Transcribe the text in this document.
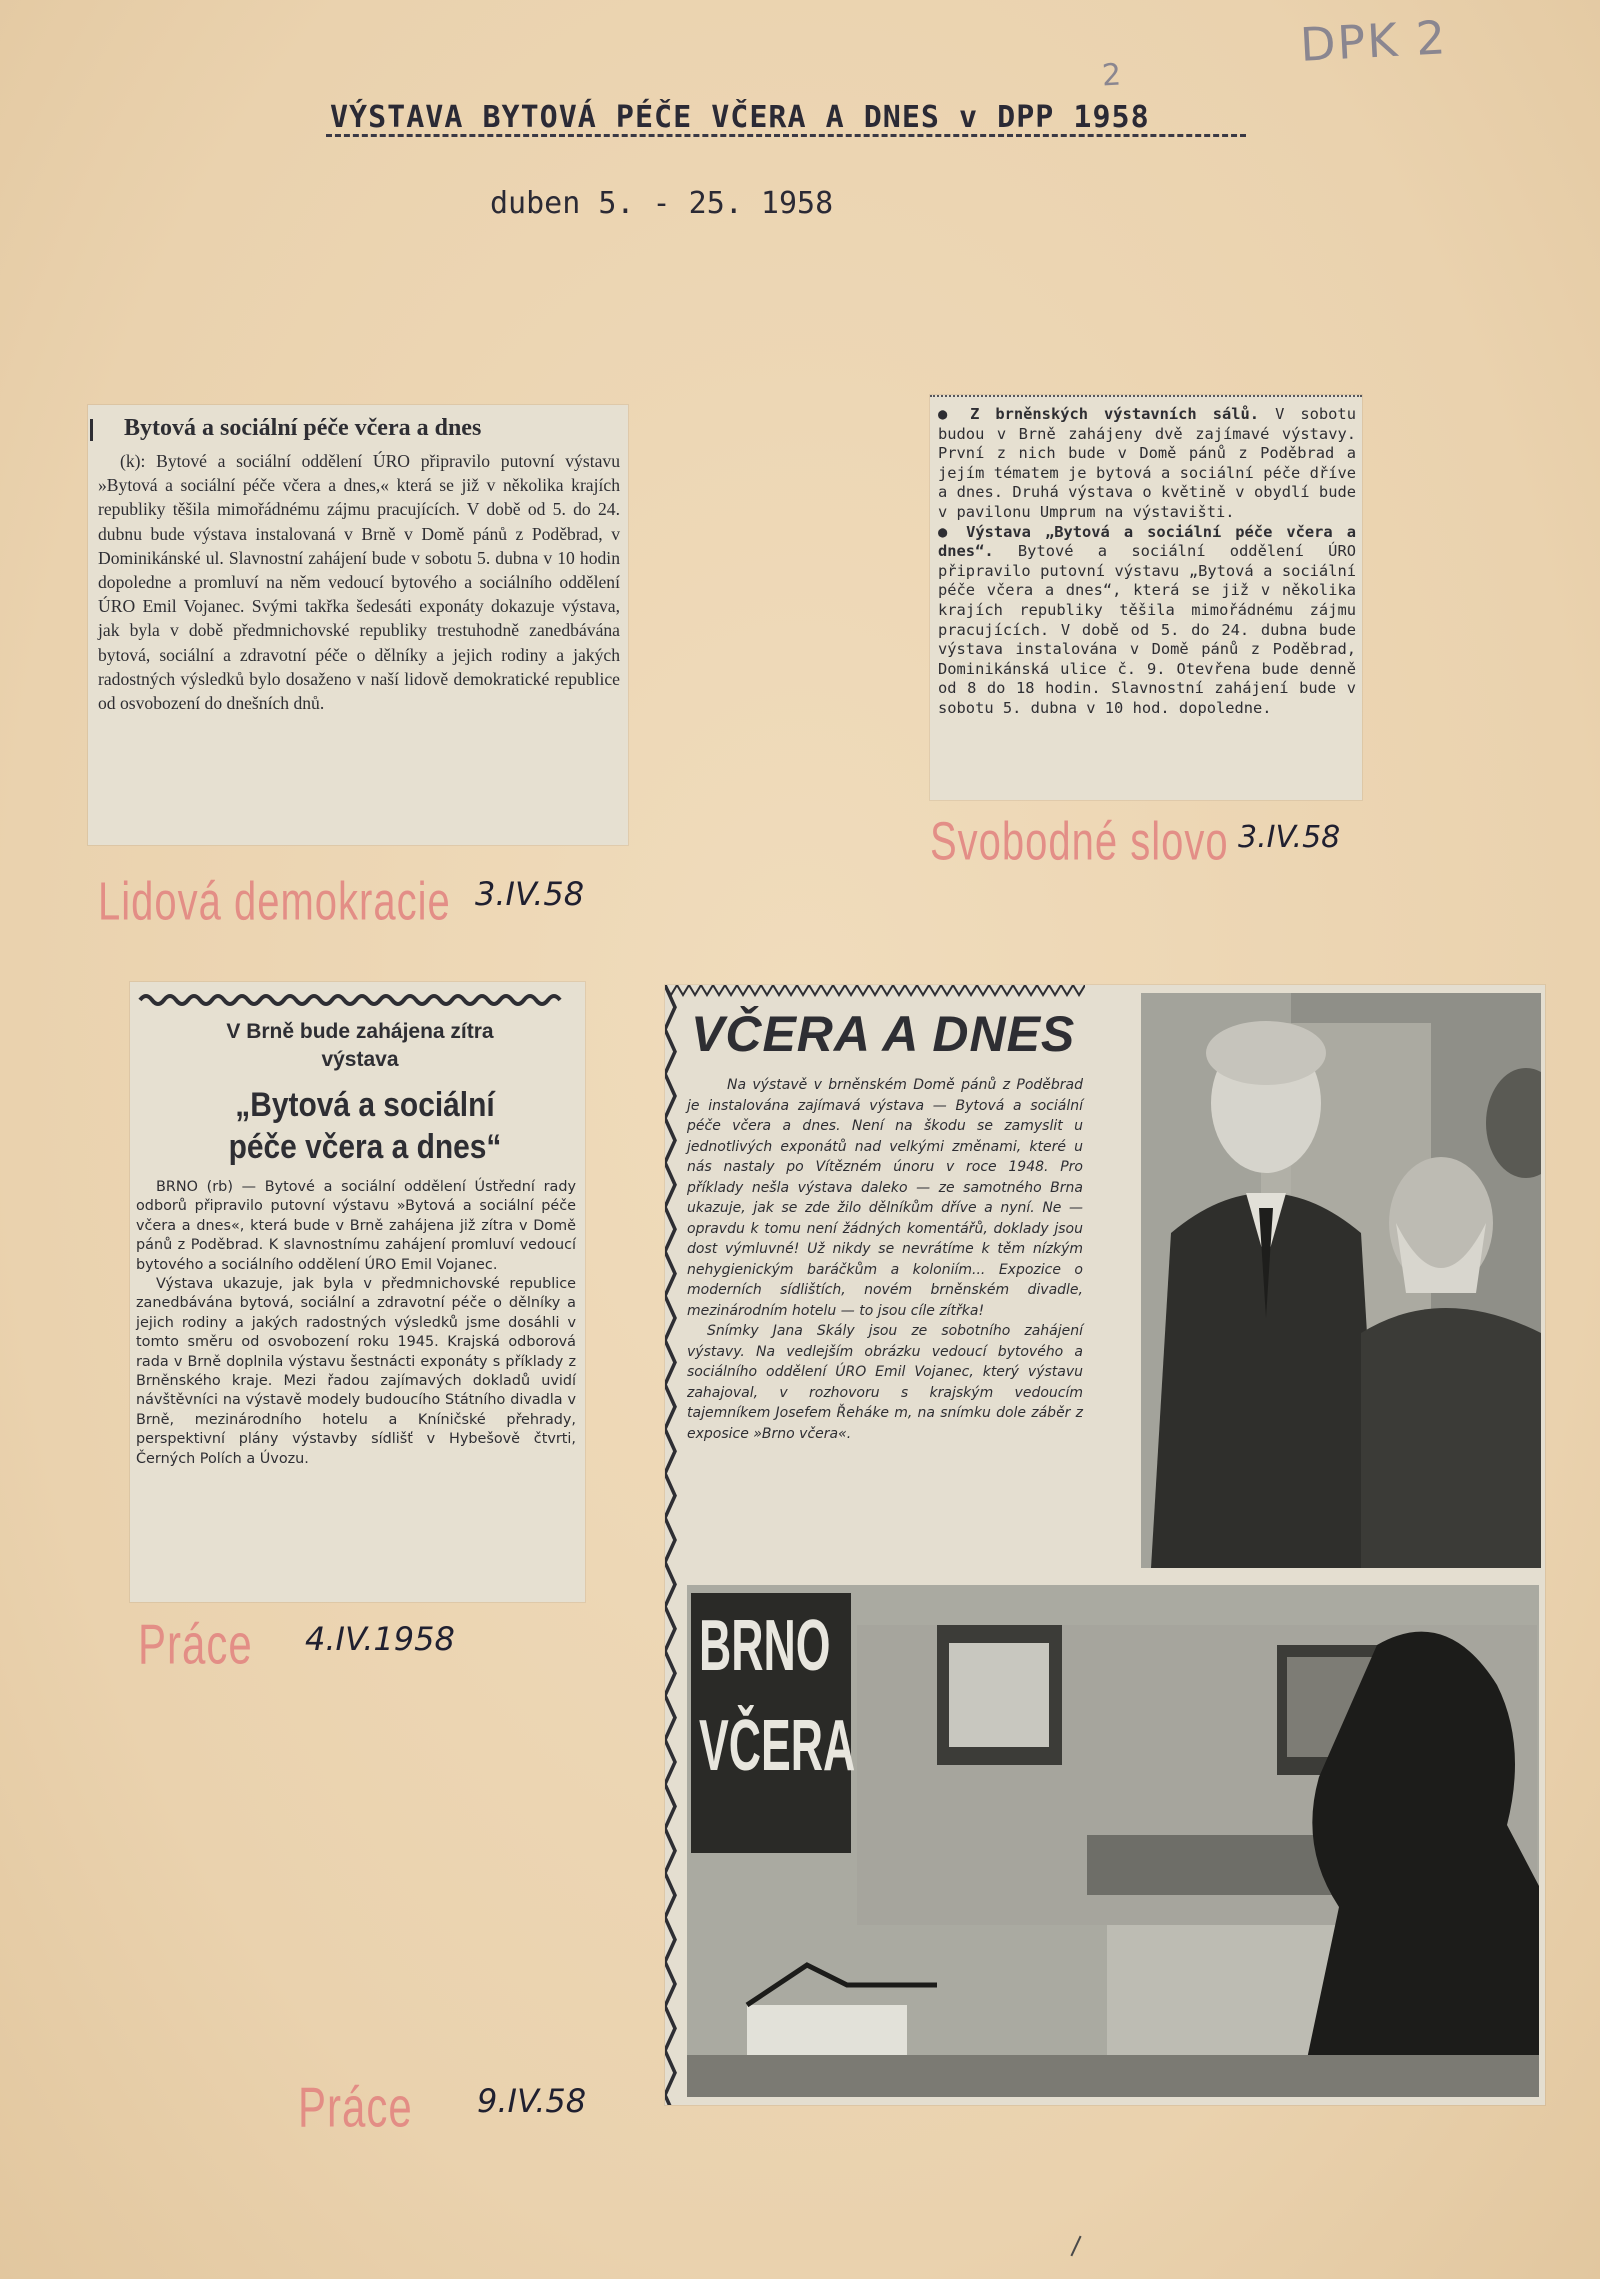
DPK 2
2
VÝSTAVA BYTOVÁ PÉČE VČERA A DNES v DPP 1958
duben 5. - 25. 1958
Bytová a sociální péče včera a dnes

(k): Bytové a sociální oddělení ÚRO připravilo putovní výstavu »Bytová a sociální péče včera a dnes,« která se již v několika krajích republiky těšila mimořádnému zájmu pracujících. V době od 5. do 24. dubnu bude výstava instalovaná v Brně v Domě pánů z Poděbrad, v Dominikánské ul. Slavnostní zahájení bude v sobotu 5. dubna v 10 hodin dopoledne a promluví na něm vedoucí bytového a sociálního oddělení ÚRO Emil Vojanec. Svými takřka šedesáti exponáty dokazuje výstava, jak byla v době předmnichovské republiky trestuhodně zanedbávána bytová, sociální a zdravotní péče o dělníky a jejich rodiny a jakých radostných výsledků bylo dosaženo v naší lidově demokratické republice od osvobození do dnešních dnů.

Lidová demokracie 3.IV.58

● Z brněnských výstavních sálů. V sobotu budou v Brně zahájeny dvě zajímavé výstavy. První z nich bude v Domě pánů z Poděbrad a jejím tématem je bytová a sociální péče dříve a dnes. Druhá výstava o květině v obydlí bude v pavilonu Umprum na výstavišti.

● Výstava „Bytová a sociální péče včera a dnes“. Bytové a sociální oddělení ÚRO připravilo putovní výstavu „Bytová a sociální péče včera a dnes“, která se již v několika krajích republiky těšila mimořádnému zájmu pracujících. V době od 5. do 24. dubna bude výstava instalována v Domě pánů z Poděbrad, Dominikánská ulice č. 9. Otevřena bude denně od 8 do 18 hodin. Slavnostní zahájení bude v sobotu 5. dubna v 10 hod. dopoledne.

Svobodné slovo 3.IV.58
V Brně bude zahájena zítra výstava
„Bytová a sociální péče včera a dnes“

BRNO (rb) — Bytové a sociální oddělení Ústřední rady odborů připravilo putovní výstavu »Bytová a sociální péče včera a dnes«, která bude v Brně zahájena již zítra v Domě pánů z Poděbrad. K slavnostnímu zahájení promluví vedoucí bytového a sociálního oddělení ÚRO Emil Vojanec.

Výstava ukazuje, jak byla v předmnichovské republice zanedbávána bytová, sociální a zdravotní péče o dělníky a jejich rodiny a jakých radostných výsledků jsme dosáhli v tomto směru od osvobození roku 1945. Krajská odborová rada v Brně doplnila výstavu šestnácti exponáty s příklady z Brněnského kraje. Mezi řadou zajímavých dokladů uvidí návštěvníci na výstavě modely budoucího Státního divadla v Brně, mezinárodního hotelu a Kníničské přehrady, perspektivní plány výstavby sídlišť v Hybešově čtvrti, Černých Polích a Úvozu.

Práce 4.IV.1958
VČERA A DNES

Na výstavě v brněnském Domě pánů z Poděbrad je instalována zajímavá výstava — Bytová a sociální péče včera a dnes. Není na škodu se zamyslit u jednotlivých exponátů nad velkými změnami, které u nás nastaly po Vítězném únoru v roce 1948. Pro příklady nešla výstava daleko — ze samotného Brna ukazuje, jak se zde žilo dělníkům dříve a nyní. Ne — opravdu k tomu není žádných komentářů, doklady jsou dost výmluvné! Už nikdy se nevrátíme k těm nízkým nehygienickým baráčkům a koloniím... Expozice o moderních sídlištích, novém brněnském divadle, mezinárodním hotelu — to jsou cíle zítřka!

Snímky Jana Skály jsou ze sobotního zahájení výstavy. Na vedlejším obrázku vedoucí bytového a sociálního oddělení ÚRO Emil Vojanec, který výstavu zahajoval, v rozhovoru s krajským vedoucím tajemníkem Josefem Řeháke m, na snímku dole záběr z exposice »Brno včera«.

BRNO
VČERA
Práce 9.IV.58
